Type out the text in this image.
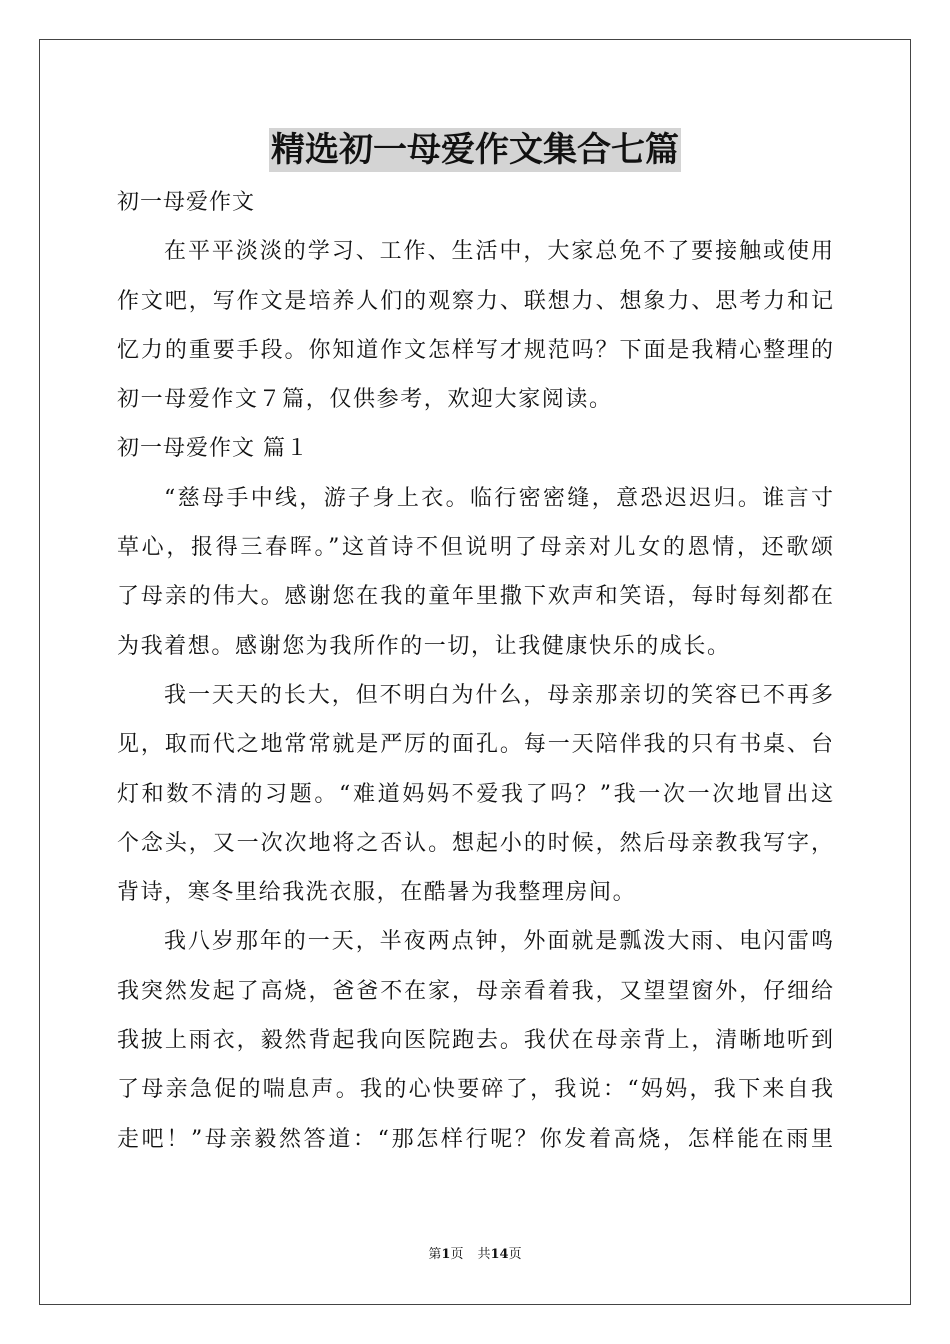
精选初一母爱作文集合七篇
初一母爱作文
在平平淡淡的学习、工作、生活中，大家总免不了要接触或使用
作文吧，写作文是培养人们的观察力、联想力、想象力、思考力和记
忆力的重要手段。你知道作文怎样写才规范吗？下面是我精心整理的
初一母爱作文７篇，仅供参考，欢迎大家阅读。
初一母爱作文 篇１
“慈母手中线，游子身上衣。临行密密缝，意恐迟迟归。谁言寸
草心，报得三春晖。”这首诗不但说明了母亲对儿女的恩情，还歌颂
了母亲的伟大。感谢您在我的童年里撒下欢声和笑语，每时每刻都在
为我着想。感谢您为我所作的一切，让我健康快乐的成长。
我一天天的长大，但不明白为什么，母亲那亲切的笑容已不再多
见，取而代之地常常就是严厉的面孔。每一天陪伴我的只有书桌、台
灯和数不清的习题。“难道妈妈不爱我了吗？”我一次一次地冒出这
个念头，又一次次地将之否认。想起小的时候，然后母亲教我写字，
背诗，寒冬里给我洗衣服，在酷暑为我整理房间。
我八岁那年的一天，半夜两点钟，外面就是瓢泼大雨、电闪雷鸣
我突然发起了高烧，爸爸不在家，母亲看着我，又望望窗外，仔细给
我披上雨衣，毅然背起我向医院跑去。我伏在母亲背上，清晰地听到
了母亲急促的喘息声。我的心快要碎了，我说：“妈妈，我下来自我
走吧！”母亲毅然答道：“那怎样行呢？你发着高烧，怎样能在雨里
第1页 共14页
